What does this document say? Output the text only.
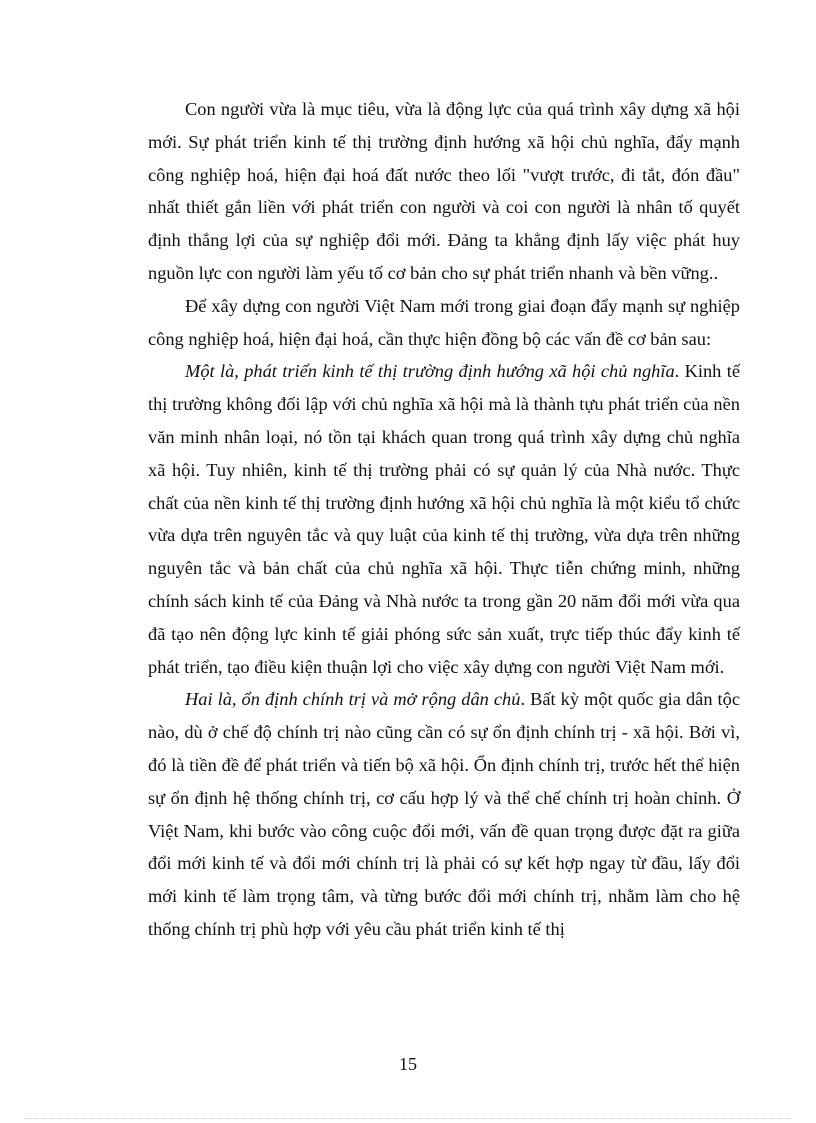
Con người vừa là mục tiêu, vừa là động lực của quá trình xây dựng xã hội mới. Sự phát triển kinh tế thị trường định hướng xã hội chủ nghĩa, đẩy mạnh công nghiệp hoá, hiện đại hoá đất nước theo lối "vượt trước, đi tắt, đón đầu" nhất thiết gắn liền với phát triển con người và coi con người là nhân tố quyết định thắng lợi của sự nghiệp đổi mới. Đảng ta khẳng định lấy việc phát huy nguồn lực con người làm yếu tố cơ bản cho sự phát triển nhanh và bền vững..

Để xây dựng con người Việt Nam mới trong giai đoạn đẩy mạnh sự nghiệp công nghiệp hoá, hiện đại hoá, cần thực hiện đồng bộ các vấn đề cơ bản sau:

Một là, phát triển kinh tế thị trường định hướng xã hội chủ nghĩa. Kinh tế thị trường không đối lập với chủ nghĩa xã hội mà là thành tựu phát triển của nền văn minh nhân loại, nó tồn tại khách quan trong quá trình xây dựng chủ nghĩa xã hội. Tuy nhiên, kinh tế thị trường phải có sự quản lý của Nhà nước. Thực chất của nền kinh tế thị trường định hướng xã hội chủ nghĩa là một kiểu tổ chức vừa dựa trên nguyên tắc và quy luật của kinh tế thị trường, vừa dựa trên những nguyên tắc và bản chất của chủ nghĩa xã hội. Thực tiễn chứng minh, những chính sách kinh tế của Đảng và Nhà nước ta trong gần 20 năm đổi mới vừa qua đã tạo nên động lực kinh tế giải phóng sức sản xuất, trực tiếp thúc đẩy kinh tế phát triển, tạo điều kiện thuận lợi cho việc xây dựng con người Việt Nam mới.

Hai là, ổn định chính trị và mở rộng dân chủ. Bất kỳ một quốc gia dân tộc nào, dù ở chế độ chính trị nào cũng cần có sự ổn định chính trị - xã hội. Bởi vì, đó là tiền đề để phát triển và tiến bộ xã hội. Ổn định chính trị, trước hết thể hiện sự ổn định hệ thống chính trị, cơ cấu hợp lý và thể chế chính trị hoàn chỉnh. Ở Việt Nam, khi bước vào công cuộc đổi mới, vấn đề quan trọng được đặt ra giữa đổi mới kinh tế và đổi mới chính trị là phải có sự kết hợp ngay từ đầu, lấy đổi mới kinh tế làm trọng tâm, và từng bước đổi mới chính trị, nhằm làm cho hệ thống chính trị phù hợp với yêu cầu phát triển kinh tế thị

15
